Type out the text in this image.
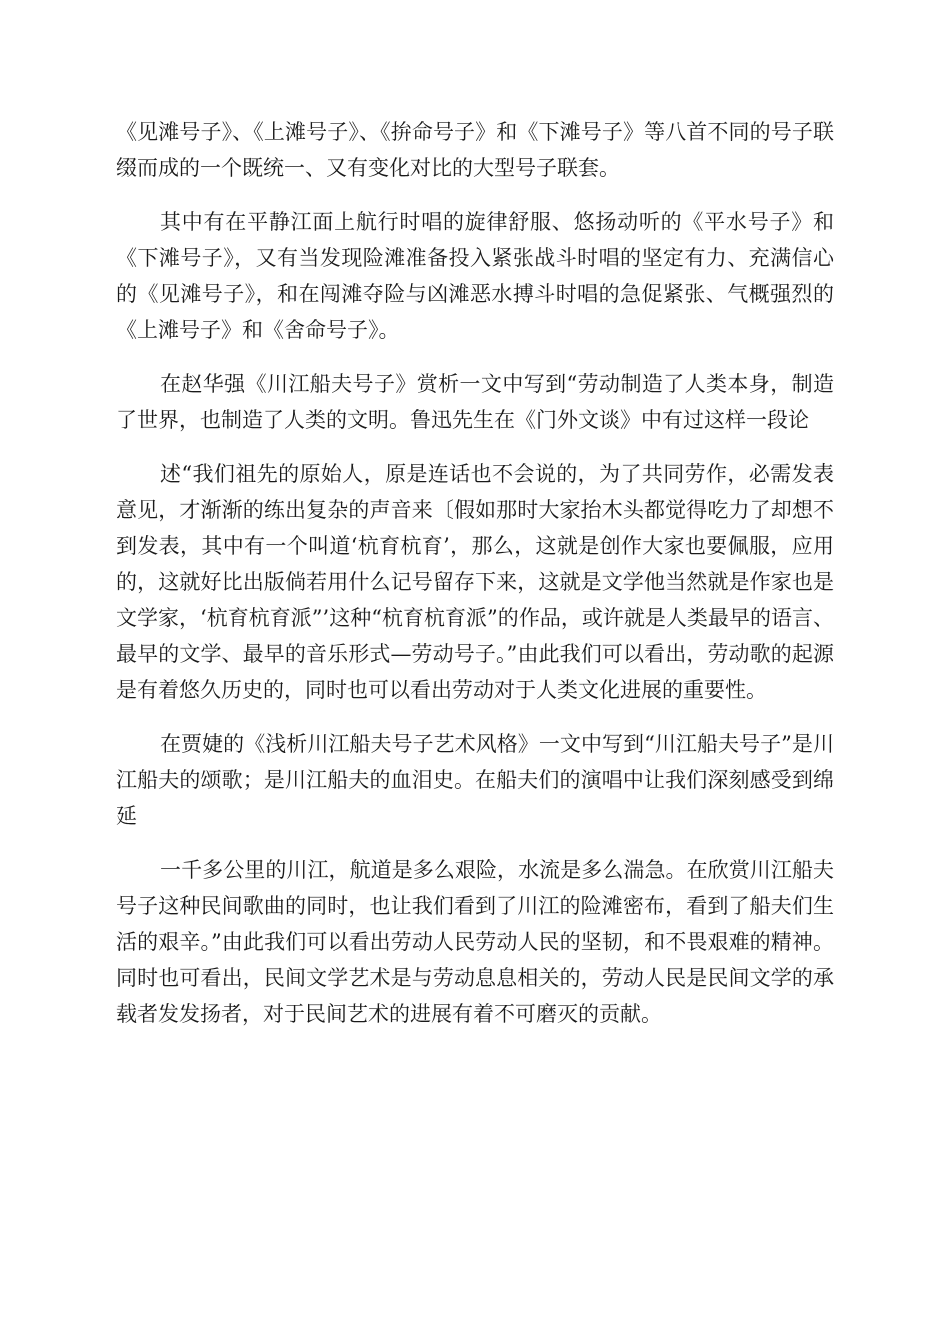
《见滩号子》、《上滩号子》、《拚命号子》和《下滩号子》等八首不同的号子联缀而成的一个既统一、又有变化对比的大型号子联套。

其中有在平静江面上航行时唱的旋律舒服、悠扬动听的《平水号子》和《下滩号子》，又有当发现险滩准备投入紧张战斗时唱的坚定有力、充满信心的《见滩号子》，和在闯滩夺险与凶滩恶水搏斗时唱的急促紧张、气概强烈的《上滩号子》和《舍命号子》。

在赵华强《川江船夫号子》赏析一文中写到“劳动制造了人类本身，制造了世界，也制造了人类的文明。鲁迅先生在《门外文谈》中有过这样一段论

述“我们祖先的原始人，原是连话也不会说的，为了共同劳作，必需发表意见，才渐渐的练出复杂的声音来〔假如那时大家抬木头都觉得吃力了却想不到发表，其中有一个叫道‘杭育杭育’，那么，这就是创作大家也要佩服，应用的，这就好比出版倘若用什么记号留存下来，这就是文学他当然就是作家也是文学家，‘杭育杭育派”’这种“杭育杭育派”的作品，或许就是人类最早的语言、最早的文学、最早的音乐形式—劳动号子。”由此我们可以看出，劳动歌的起源是有着悠久历史的，同时也可以看出劳动对于人类文化进展的重要性。

在贾婕的《浅析川江船夫号子艺术风格》一文中写到“川江船夫号子”是川江船夫的颂歌；是川江船夫的血泪史。在船夫们的演唱中让我们深刻感受到绵延

一千多公里的川江，航道是多么艰险，水流是多么湍急。在欣赏川江船夫号子这种民间歌曲的同时，也让我们看到了川江的险滩密布，看到了船夫们生活的艰辛。”由此我们可以看出劳动人民劳动人民的坚韧，和不畏艰难的精神。同时也可看出，民间文学艺术是与劳动息息相关的，劳动人民是民间文学的承载者发发扬者，对于民间艺术的进展有着不可磨灭的贡献。
